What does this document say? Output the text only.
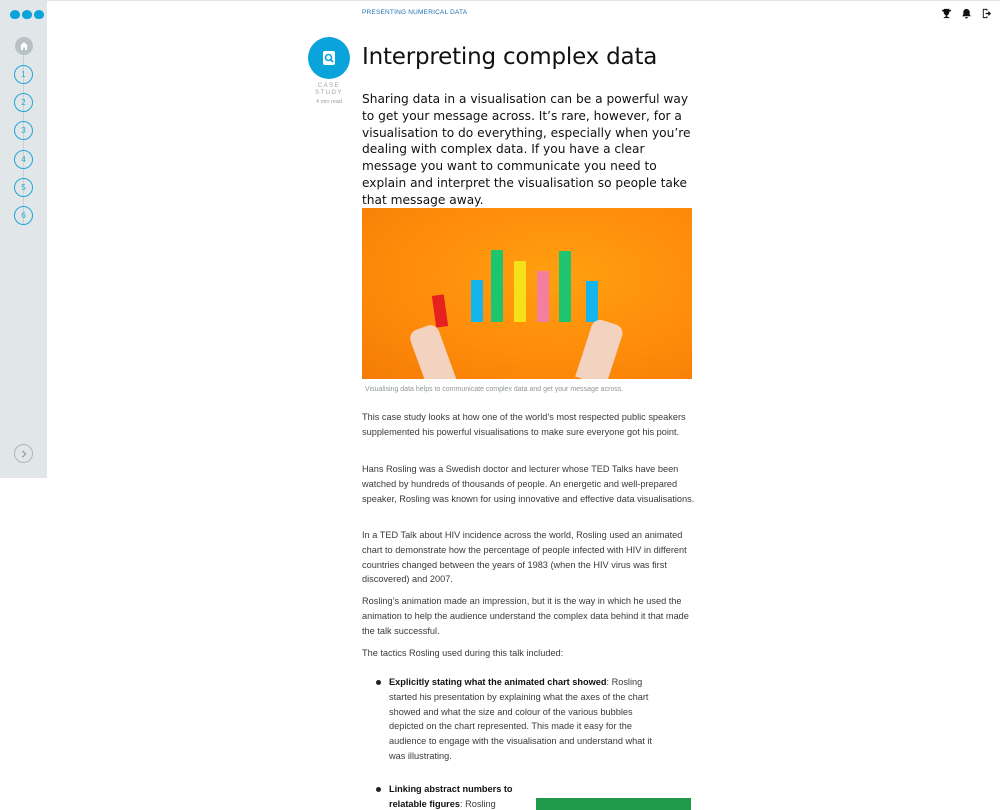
1
2
3
4
5
6
PRESENTING NUMERICAL DATA
CASE STUDY
4 min read
Interpreting complex data

Sharing data in a visualisation can be a powerful way to get your message across. It’s rare, however, for a visualisation to do everything, especially when you’re dealing with complex data. If you have a clear message you want to communicate you need to explain and interpret the visualisation so people take that message away.

Visualising data helps to communicate complex data and get your message across.

This case study looks at how one of the world’s most respected public speakers supplemented his powerful visualisations to make sure everyone got his point.

Hans Rosling was a Swedish doctor and lecturer whose TED Talks have been watched by hundreds of thousands of people. An energetic and well-prepared speaker, Rosling was known for using innovative and effective data visualisations.

In a TED Talk about HIV incidence across the world, Rosling used an animated chart to demonstrate how the percentage of people infected with HIV in different countries changed between the years of 1983 (when the HIV virus was first discovered) and 2007.

Rosling’s animation made an impression, but it is the way in which he used the animation to help the audience understand the complex data behind it that made the talk successful.

The tactics Rosling used during this talk included:

Explicitly stating what the animated chart showed: Rosling started his presentation by explaining what the axes of the chart showed and what the size and colour of the various bubbles depicted on the chart represented. This made it easy for the audience to engage with the visualisation and understand what it was illustrating.
Linking abstract numbers to relatable figures: Rosling
